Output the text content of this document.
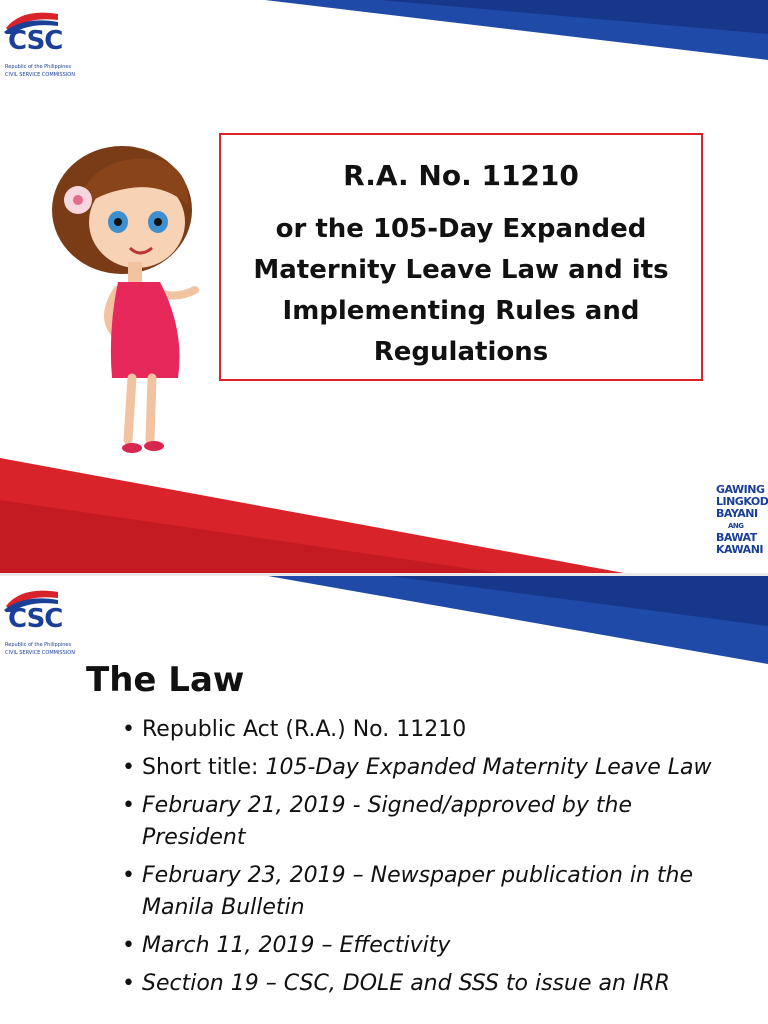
CSC
Republic of the Philippines
CIVIL SERVICE COMMISSION
R.A. No. 11210
or the 105-Day Expanded Maternity Leave Law and its Implementing Rules and Regulations
GAWING
LINGKOD
BAYANI
ANG
BAWAT
KAWANI
CSC
Republic of the Philippines
CIVIL SERVICE COMMISSION
The Law
• Republic Act (R.A.) No. 11210
• Short title: 105-Day Expanded Maternity Leave Law
• February 21, 2019 - Signed/approved by the President
• February 23, 2019 – Newspaper publication in the Manila Bulletin
• March 11, 2019 – Effectivity
• Section 19 – CSC, DOLE and SSS to issue an IRR
